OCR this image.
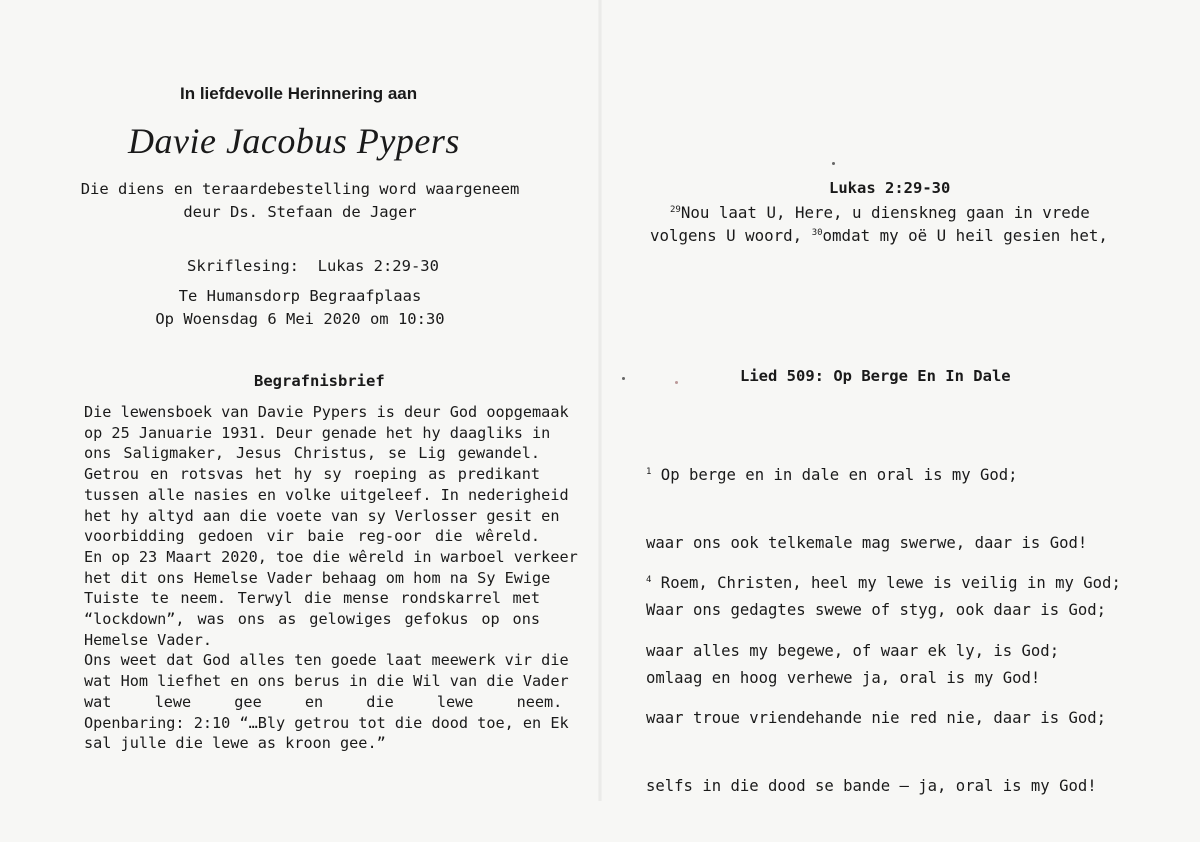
In liefdevolle Herinnering aan
Davie Jacobus Pypers
Die diens en teraardebestelling word waargeneem
deur Ds. Stefaan de Jager
Skriflesing:  Lukas 2:29-30
Te Humansdorp Begraafplaas
Op Woensdag 6 Mei 2020 om 10:30
Begrafnisbrief
Die lewensboek van Davie Pypers is deur God oopgemaak
op 25 Januarie 1931. Deur genade het hy daagliks in
ons Saligmaker, Jesus Christus, se Lig gewandel.
Getrou en rotsvas het hy sy roeping as predikant
tussen alle nasies en volke uitgeleef. In nederigheid
het hy altyd aan die voete van sy Verlosser gesit en
voorbidding gedoen vir baie reg-oor die wêreld.
En op 23 Maart 2020, toe die wêreld in warboel verkeer
het dit ons Hemelse Vader behaag om hom na Sy Ewige
Tuiste te neem. Terwyl die mense rondskarrel met
“lockdown”, was ons as gelowiges gefokus op ons
Hemelse Vader.
Ons weet dat God alles ten goede laat meewerk vir die
wat Hom liefhet en ons berus in die Wil van die Vader
wat lewe gee en die lewe neem.
Openbaring: 2:10 “…Bly getrou tot die dood toe, en Ek
sal julle die lewe as kroon gee.”
Lukas 2:29-30
$^{29}$Nou laat U, Here, u dienskneg gaan in vrede
volgens U woord, $^{30}$omdat my oë U heil gesien het,
Lied 509: Op Berge En In Dale

$^1$ Op berge en in dale en oral is my God;

waar ons ook telkemale mag swerwe, daar is God!

Waar ons gedagtes swewe of styg, ook daar is God;

omlaag en hoog verhewe ja, oral is my God!

$^4$ Roem, Christen, heel my lewe is veilig in my God;

waar alles my begewe, of waar ek ly, is God;

waar troue vriendehande nie red nie, daar is God;

selfs in die dood se bande – ja, oral is my God!
